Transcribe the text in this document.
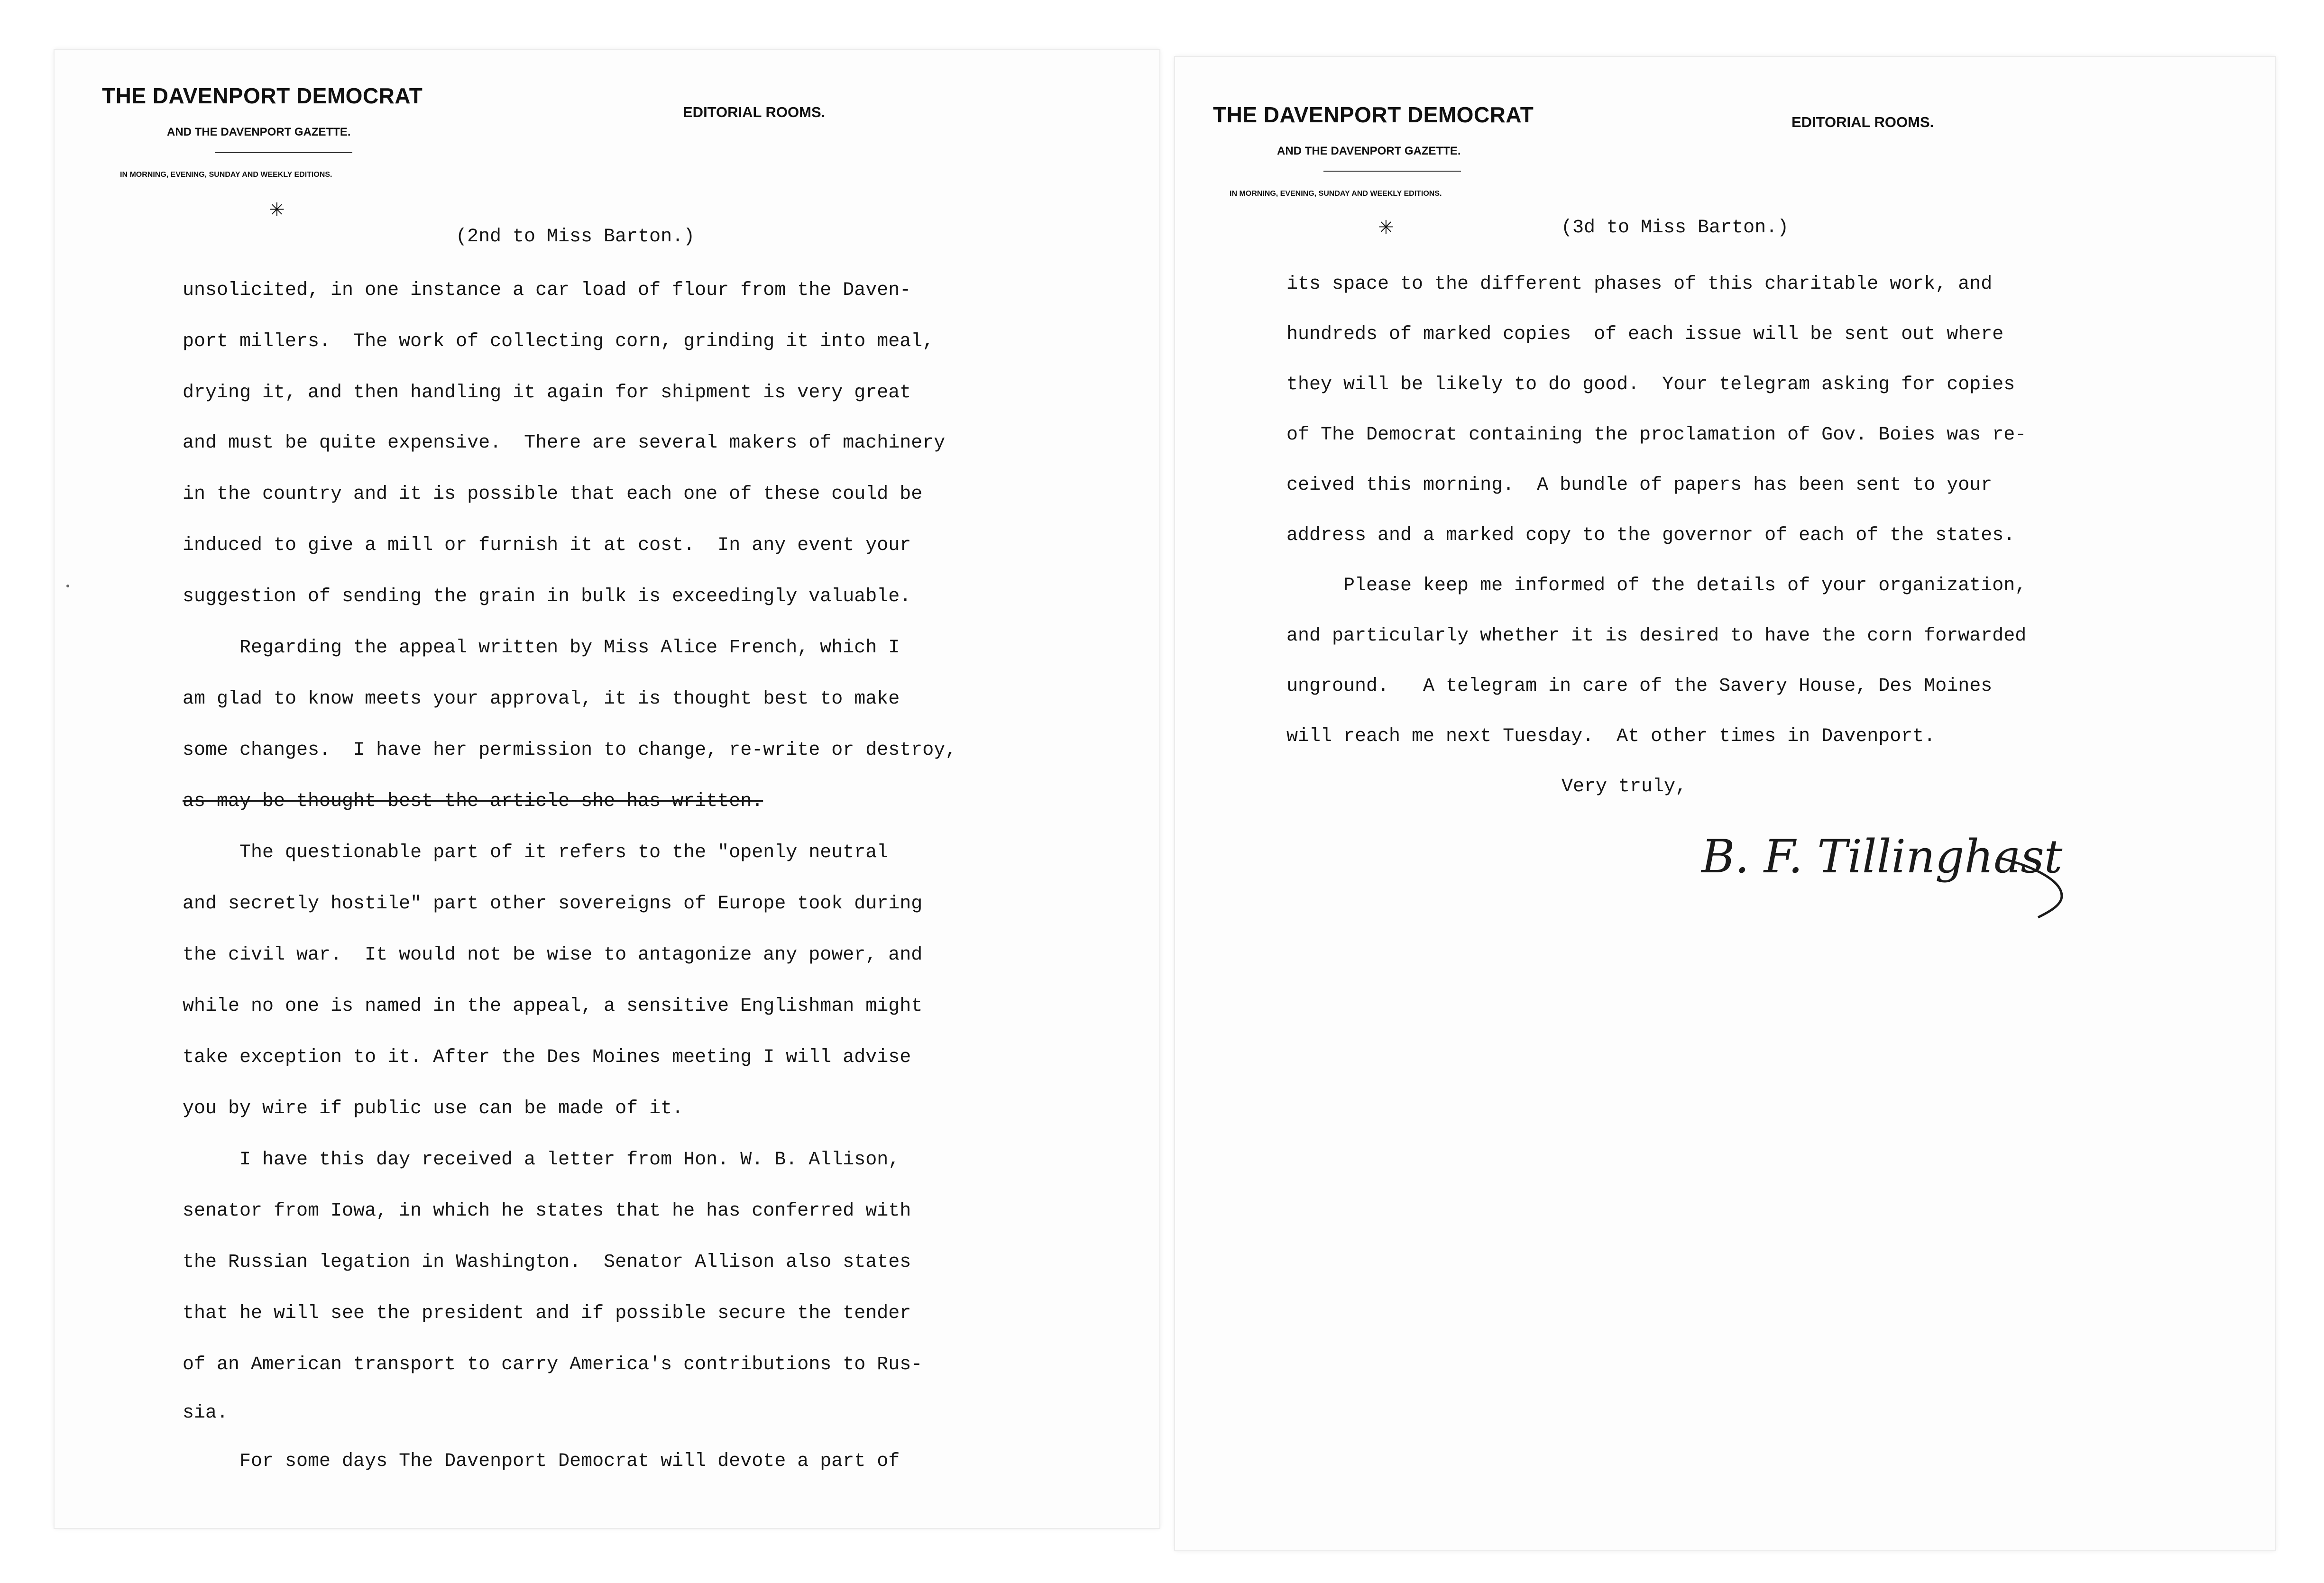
THE DAVENPORT DEMOCRAT
AND THE DAVENPORT GAZETTE.
IN MORNING, EVENING, SUNDAY AND WEEKLY EDITIONS.
EDITORIAL ROOMS.
✳
(2nd to Miss Barton.)
unsolicited, in one instance a car load of flour from the Daven-
port millers.  The work of collecting corn, grinding it into meal,
drying it, and then handling it again for shipment is very great
and must be quite expensive.  There are several makers of machinery
in the country and it is possible that each one of these could be
induced to give a mill or furnish it at cost.  In any event your
suggestion of sending the grain in bulk is exceedingly valuable.
Regarding the appeal written by Miss Alice French, which I
am glad to know meets your approval, it is thought best to make
some changes.  I have her permission to change, re-write or destroy,
as may be thought best the article she has written.
The questionable part of it refers to the "openly neutral
and secretly hostile" part other sovereigns of Europe took during
the civil war.  It would not be wise to antagonize any power, and
while no one is named in the appeal, a sensitive Englishman might
take exception to it. After the Des Moines meeting I will advise
you by wire if public use can be made of it.
I have this day received a letter from Hon. W. B. Allison,
senator from Iowa, in which he states that he has conferred with
the Russian legation in Washington.  Senator Allison also states
that he will see the president and if possible secure the tender
of an American transport to carry America's contributions to Rus-
sia.
For some days The Davenport Democrat will devote a part of
THE DAVENPORT DEMOCRAT
AND THE DAVENPORT GAZETTE.
IN MORNING, EVENING, SUNDAY AND WEEKLY EDITIONS.
EDITORIAL ROOMS.
✳	(3d to Miss Barton.)
its space to the different phases of this charitable work, and
hundreds of marked copies  of each issue will be sent out where
they will be likely to do good.  Your telegram asking for copies
of The Democrat containing the proclamation of Gov. Boies was re-
ceived this morning.  A bundle of papers has been sent to your
address and a marked copy to the governor of each of the states.
Please keep me informed of the details of your organization,
and particularly whether it is desired to have the corn forwarded
unground.   A telegram in care of the Savery House, Des Moines
will reach me next Tuesday.  At other times in Davenport.
Very truly,
B. F. Tillinghast
